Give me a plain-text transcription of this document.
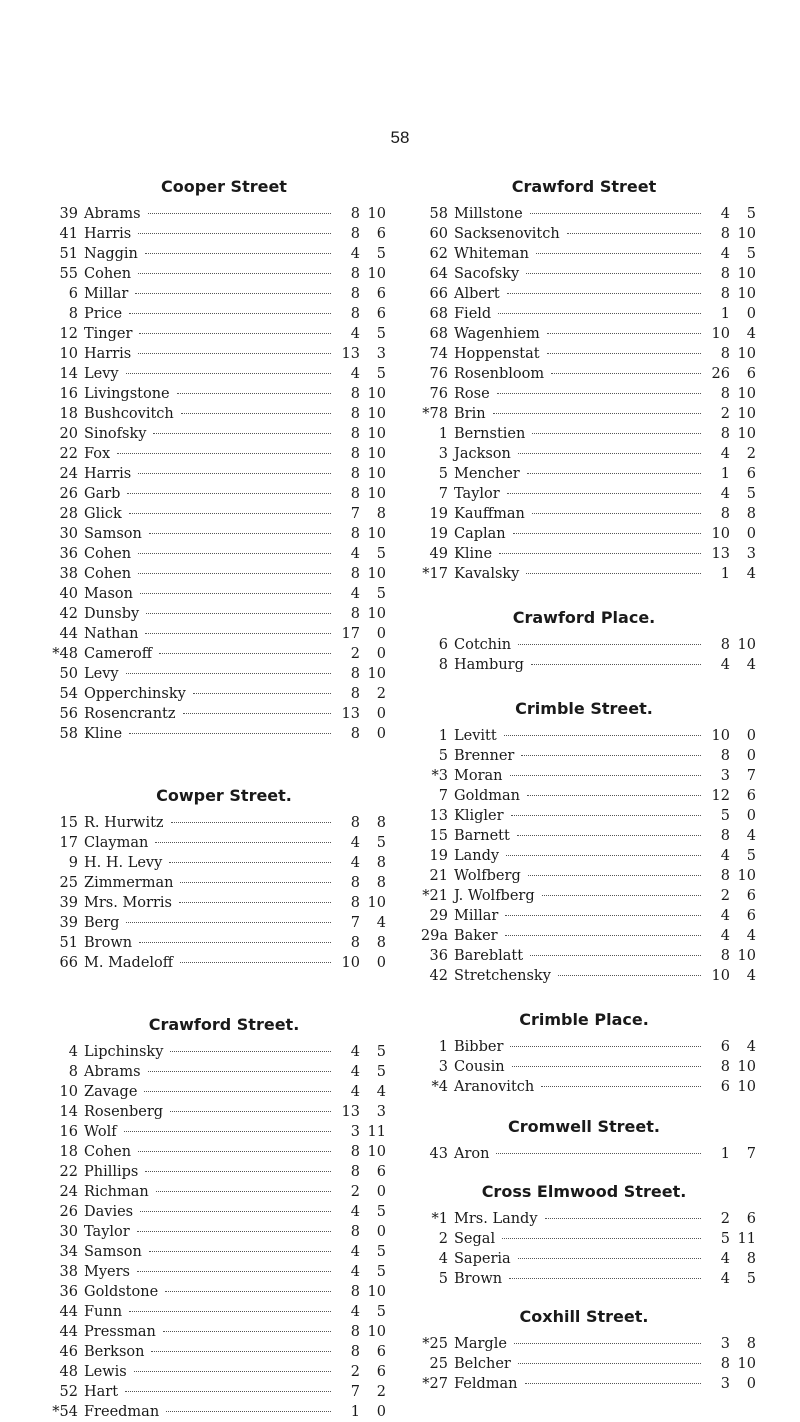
58
Cooper Street
39 Abrams	8 10
41 Harris	8	6
51 Naggin	4	5
55 Cohen	8 10
6 Millar	8	6
8 Price	8	6
12 Tinger	4	5
10 Harris	13	3
14 Levy	4	5
16 Livingstone	8 10
18 Bushcovitch	8 10
20 Sinofsky	8 10
22 Fox	8 10
24 Harris	8 10
26 Garb	8 10
28 Glick	7	8
30 Samson	8 10
36 Cohen	4	5
38 Cohen	8 10
40 Mason	4	5
42 Dunsby	8 10
44 Nathan	17	0
*48 Cameroff	2	0
50 Levy	8 10
54 Opperchinsky	8	2
56 Rosencrantz	13	0
58 Kline	8	0
Cowper Street.
15 R. Hurwitz	8	8
17 Clayman	4	5
9 H. H. Levy	4	8
25 Zimmerman	8	8
39 Mrs. Morris	8 10
39 Berg	7	4
51 Brown	8	8
66 M. Madeloff	10	0
Crawford Street.
4 Lipchinsky	4	5
8 Abrams	4	5
10 Zavage	4	4
14 Rosenberg	13	3
16 Wolf	3 11
18 Cohen	8 10
22 Phillips	8	6
24 Richman	2	0
26 Davies	4	5
30 Taylor	8	0
34 Samson	4	5
38 Myers	4	5
36 Goldstone	8 10
44 Funn	4	5
44 Pressman	8 10
46 Berkson	8	6
48 Lewis	2	6
52 Hart	7	2
*54 Freedman	1	0
Crawford Street
58 Millstone	4	5
60 Sacksenovitch	8 10
62 Whiteman	4	5
64 Sacofsky	8 10
66 Albert	8 10
68 Field	1	0
68 Wagenhiem	10	4
74 Hoppenstat	8 10
76 Rosenbloom	26	6
76 Rose	8 10
*78 Brin	2 10
1 Bernstien	8 10
3 Jackson	4	2
5 Mencher	1	6
7 Taylor	4	5
19 Kauffman	8	8
19 Caplan	10	0
49 Kline	13	3
*17 Kavalsky	1	4
Crawford Place.
6 Cotchin	8 10
8 Hamburg	4	4
Crimble Street.
1 Levitt	10	0
5 Brenner	8	0
*3 Moran	3	7
7 Goldman	12	6
13 Kligler	5	0
15 Barnett	8	4
19 Landy	4	5
21 Wolfberg	8 10
*21 J. Wolfberg	2	6
29 Millar	4	6
29a Baker	4	4
36 Bareblatt	8 10
42 Stretchensky	10	4
Crimble Place.
1 Bibber	6	4
3 Cousin	8 10
*4 Aranovitch	6 10
Cromwell Street.
43 Aron	1	7
Cross Elmwood Street.
*1 Mrs. Landy	2	6
2 Segal	5 11
4 Saperia	4	8
5 Brown	4	5
Coxhill Street.
*25 Margle	3	8
25 Belcher	8 10
*27 Feldman	3	0
